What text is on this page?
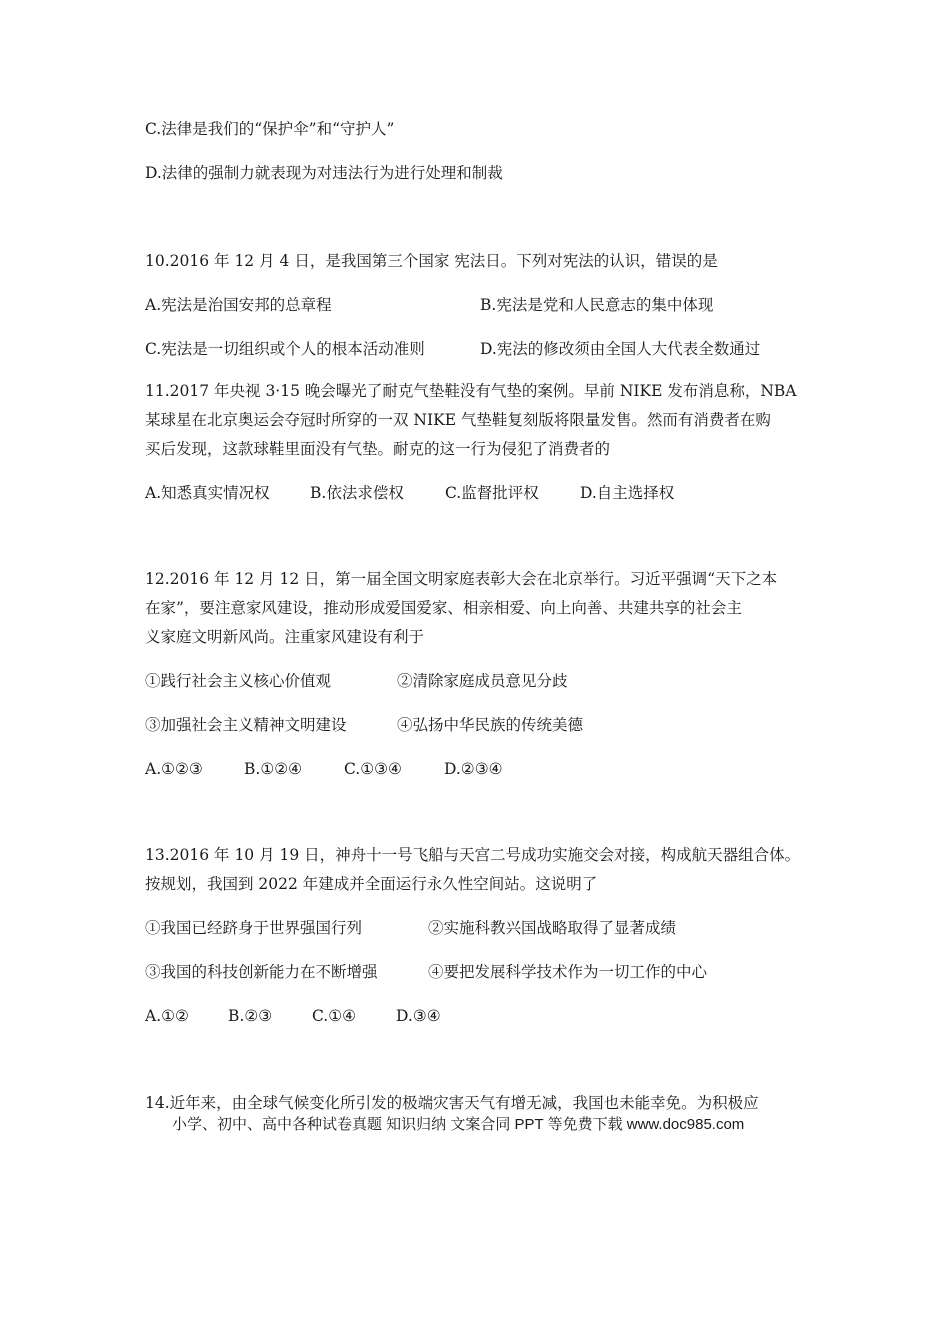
C.法律是我们的“保护伞”和“守护人”
D.法律的强制力就表现为对违法行为进行处理和制裁
10.2016 年 12 月 4 日，是我国第三个国家 宪法日。下列对宪法的认识，错误的是
A.宪法是治国安邦的总章程	B.宪法是党和人民意志的集中体现
C.宪法是一切组织或个人的根本活动准则	D.宪法的修改须由全国人大代表全数通过
11.2017 年央视 3·15 晚会曝光了耐克气垫鞋没有气垫的案例。早前 NIKE 发布消息称，NBA
某球星在北京奥运会夺冠时所穿的一双 NIKE 气垫鞋复刻版将限量发售。然而有消费者在购
买后发现，这款球鞋里面没有气垫。耐克的这一行为侵犯了消费者的
A.知悉真实情况权	B.依法求偿权	C.监督批评权	D.自主选择权
12.2016 年 12 月 12 日，第一届全国文明家庭表彰大会在北京举行。习近平强调“天下之本
在家”，要注意家风建设，推动形成爱国爱家、相亲相爱、向上向善、共建共享的社会主
义家庭文明新风尚。注重家风建设有利于
①践行社会主义核心价值观	②清除家庭成员意见分歧
③加强社会主义精神文明建设	④弘扬中华民族的传统美德
A.①②③	B.①②④	C.①③④	D.②③④
13.2016 年 10 月 19 日，神舟十一号飞船与天宫二号成功实施交会对接，构成航天器组合体。
按规划，我国到 2022 年建成并全面运行永久性空间站。这说明了
①我国已经跻身于世界强国行列	②实施科教兴国战略取得了显著成绩
③我国的科技创新能力在不断增强	④要把发展科学技术作为一切工作的中心
A.①②	B.②③	C.①④	D.③④
14.近年来，由全球气候变化所引发的极端灾害天气有增无减，我国也未能幸免。为积极应
小学、初中、高中各种试卷真题 知识归纳 文案合同 PPT 等免费下载 www.doc985.com
